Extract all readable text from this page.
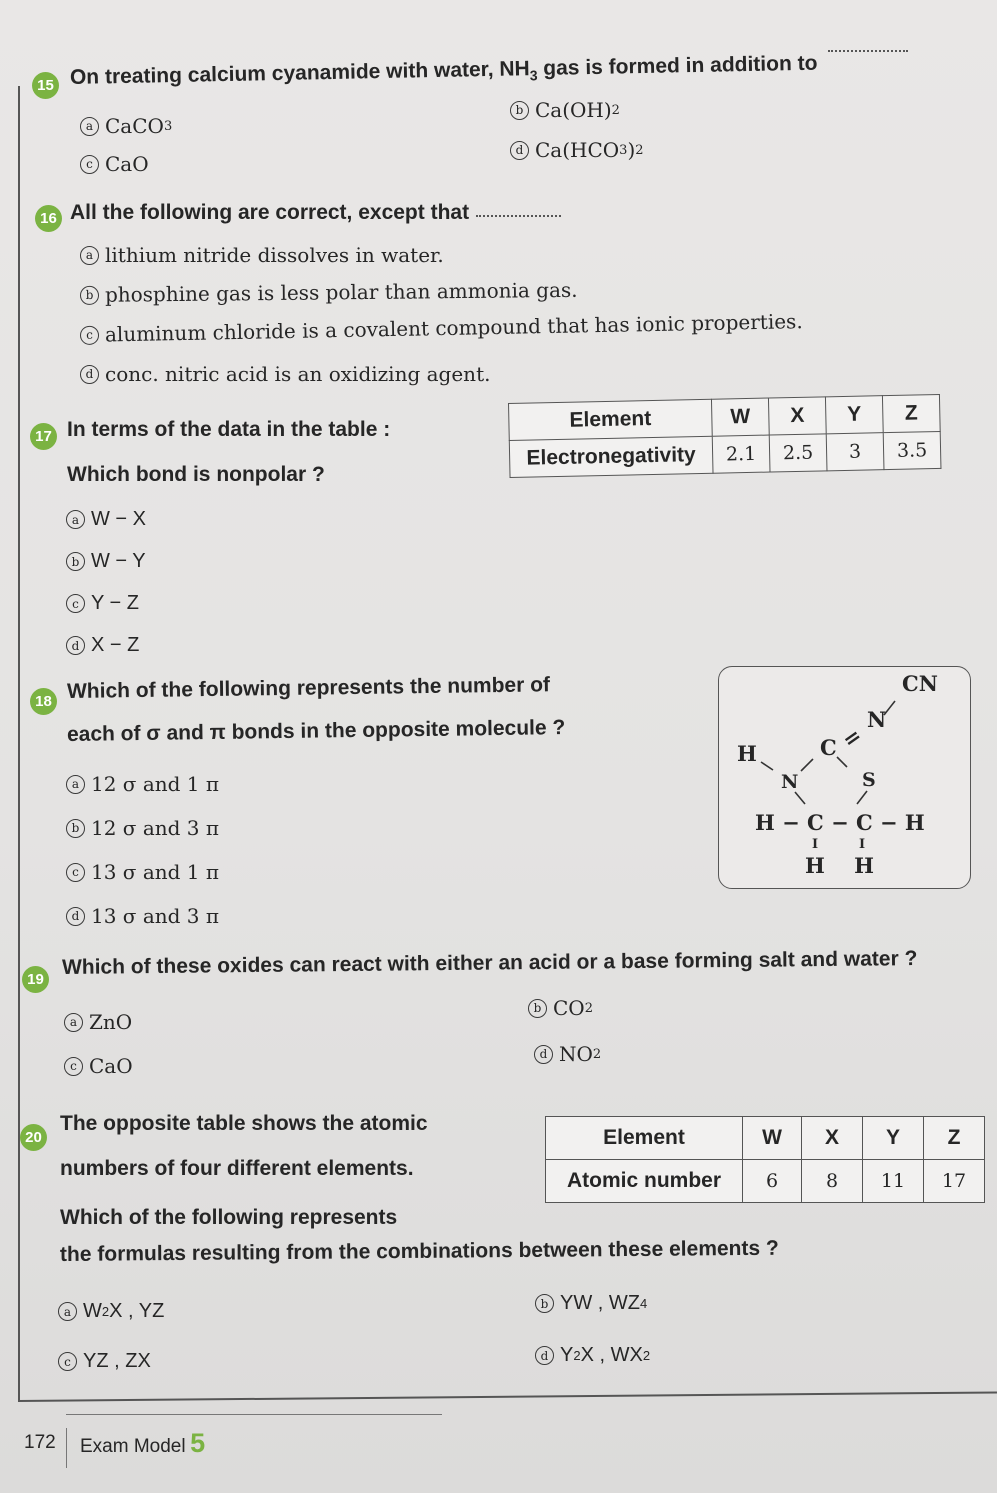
15 On treating calcium cyanamide with water, $NH_3$ gas is formed in addition to
a CaCO 3
b Ca(OH) 2
c CaO
d Ca(HCO 3 ) 2
16 All the following are correct, except that
a lithium nitride dissolves in water.
b phosphine gas is less polar than ammonia gas.
c aluminum chloride is a covalent compound that has ionic properties.
d conc. nitric acid is an oxidizing agent.
17 In terms of the data in the table :
Which bond is nonpolar ?
Element	W	X	Y	Z
Electronegativity	2.1	2.5	3	3.5
a W − X
b W − Y
c Y − Z
d X − Z
18 Which of the following represents the number of
each of σ and π bonds in the opposite molecule ?
a 12 σ and 1 π
b 12 σ and 3 π
c 13 σ and 1 π
d 13 σ and 3 π
CN
N
=
C
H
N	S
H − C − C − H
I	I
H    H
19
Which of these oxides can react with either an acid or a base forming salt and water ?
a ZnO
b CO 2
c CaO	d NO 2
20
The opposite table shows the atomic
numbers of four different elements.
Which of the following represents
the formulas resulting from the combinations between these elements ?
Element	W	X	Y	Z
Atomic number	6	8	11	17
a W 2 X , YZ	b YW , WZ 4
c YZ , ZX	d Y 2 X , WX 2
172 Exam Model 5
